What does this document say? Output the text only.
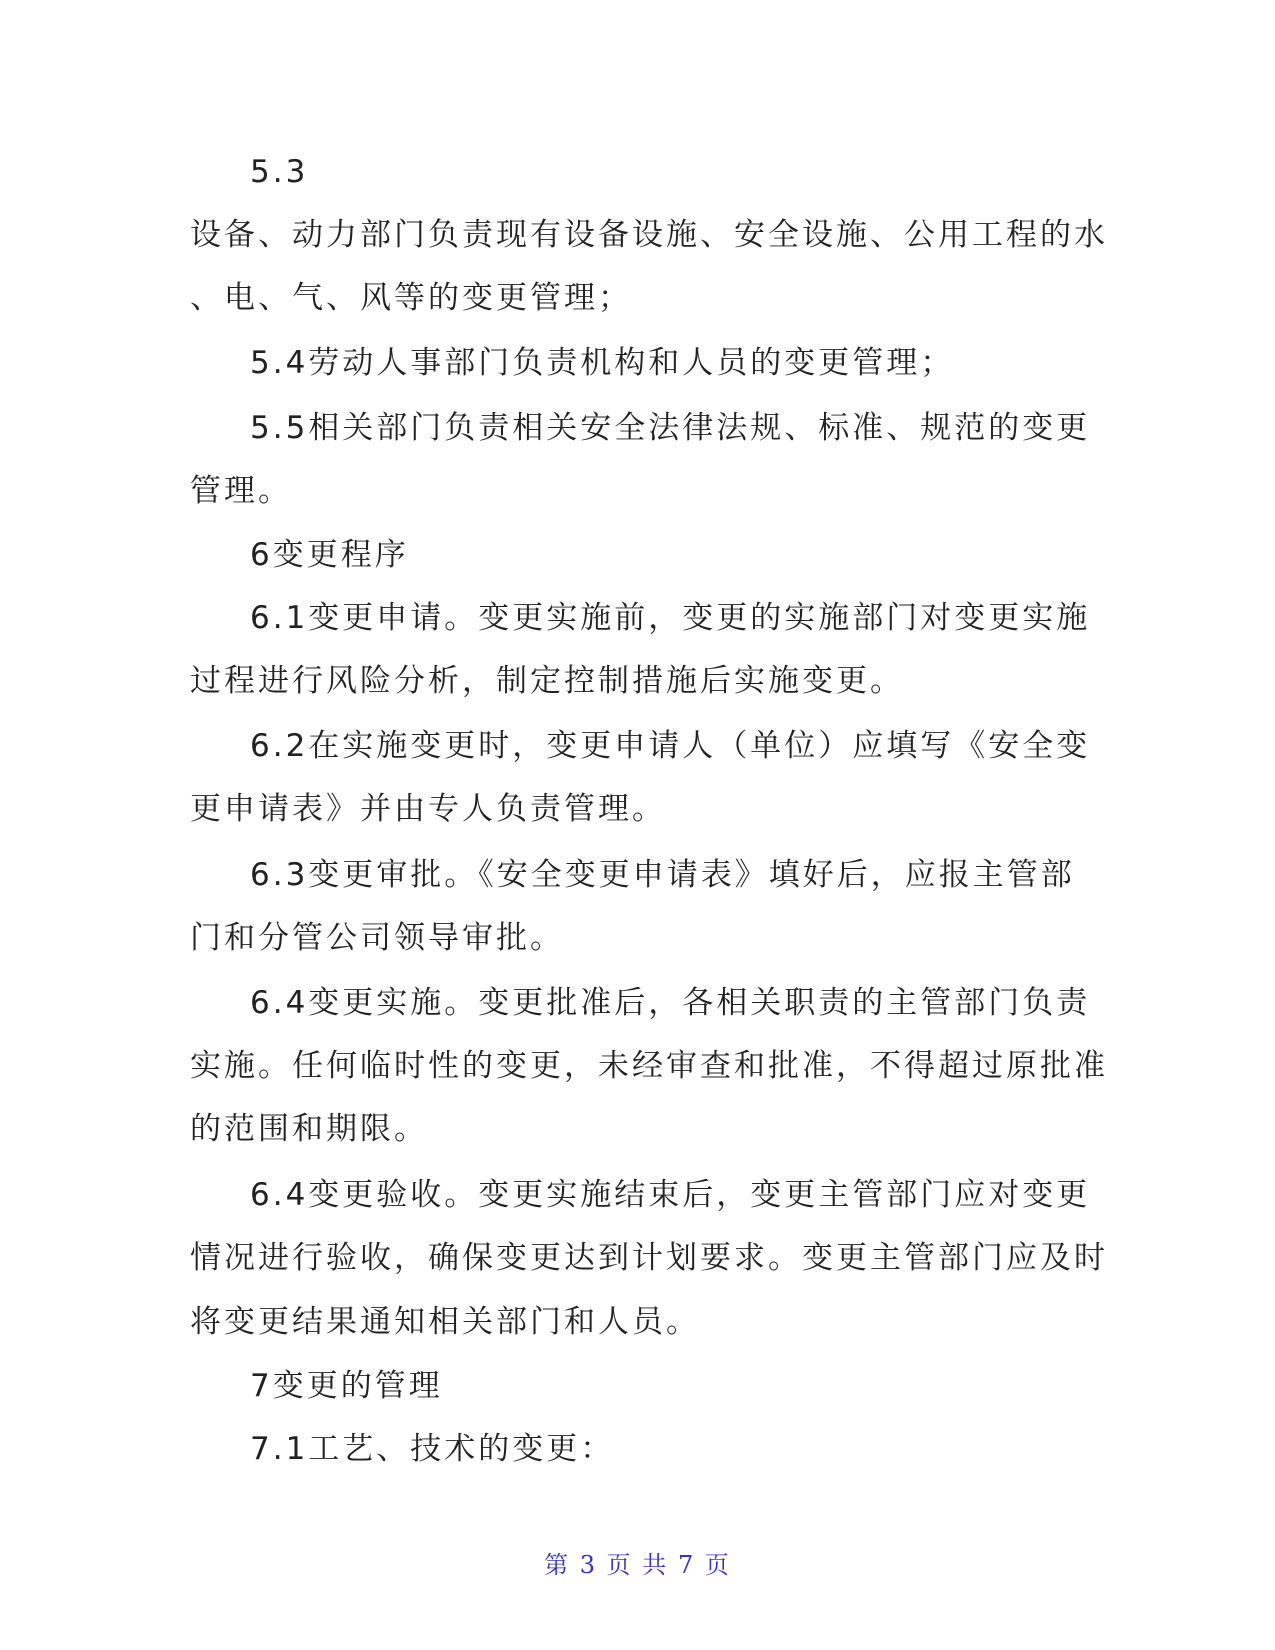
5.3
设备、动力部门负责现有设备设施、安全设施、公用工程的水
、电、气、风等的变更管理；
5.4劳动人事部门负责机构和人员的变更管理；
5.5相关部门负责相关安全法律法规、标准、规范的变更
管理。
6变更程序
6.1变更申请。变更实施前，变更的实施部门对变更实施
过程进行风险分析，制定控制措施后实施变更。
6.2在实施变更时，变更申请人（单位）应填写《安全变
更申请表》并由专人负责管理。
6.3变更审批。《安全变更申请表》填好后，应报主管部
门和分管公司领导审批。
6.4变更实施。变更批准后，各相关职责的主管部门负责
实施。任何临时性的变更，未经审查和批准，不得超过原批准
的范围和期限。
6.4变更验收。变更实施结束后，变更主管部门应对变更
情况进行验收，确保变更达到计划要求。变更主管部门应及时
将变更结果通知相关部门和人员。
7变更的管理
7.1工艺、技术的变更：
第 3 页 共 7 页
